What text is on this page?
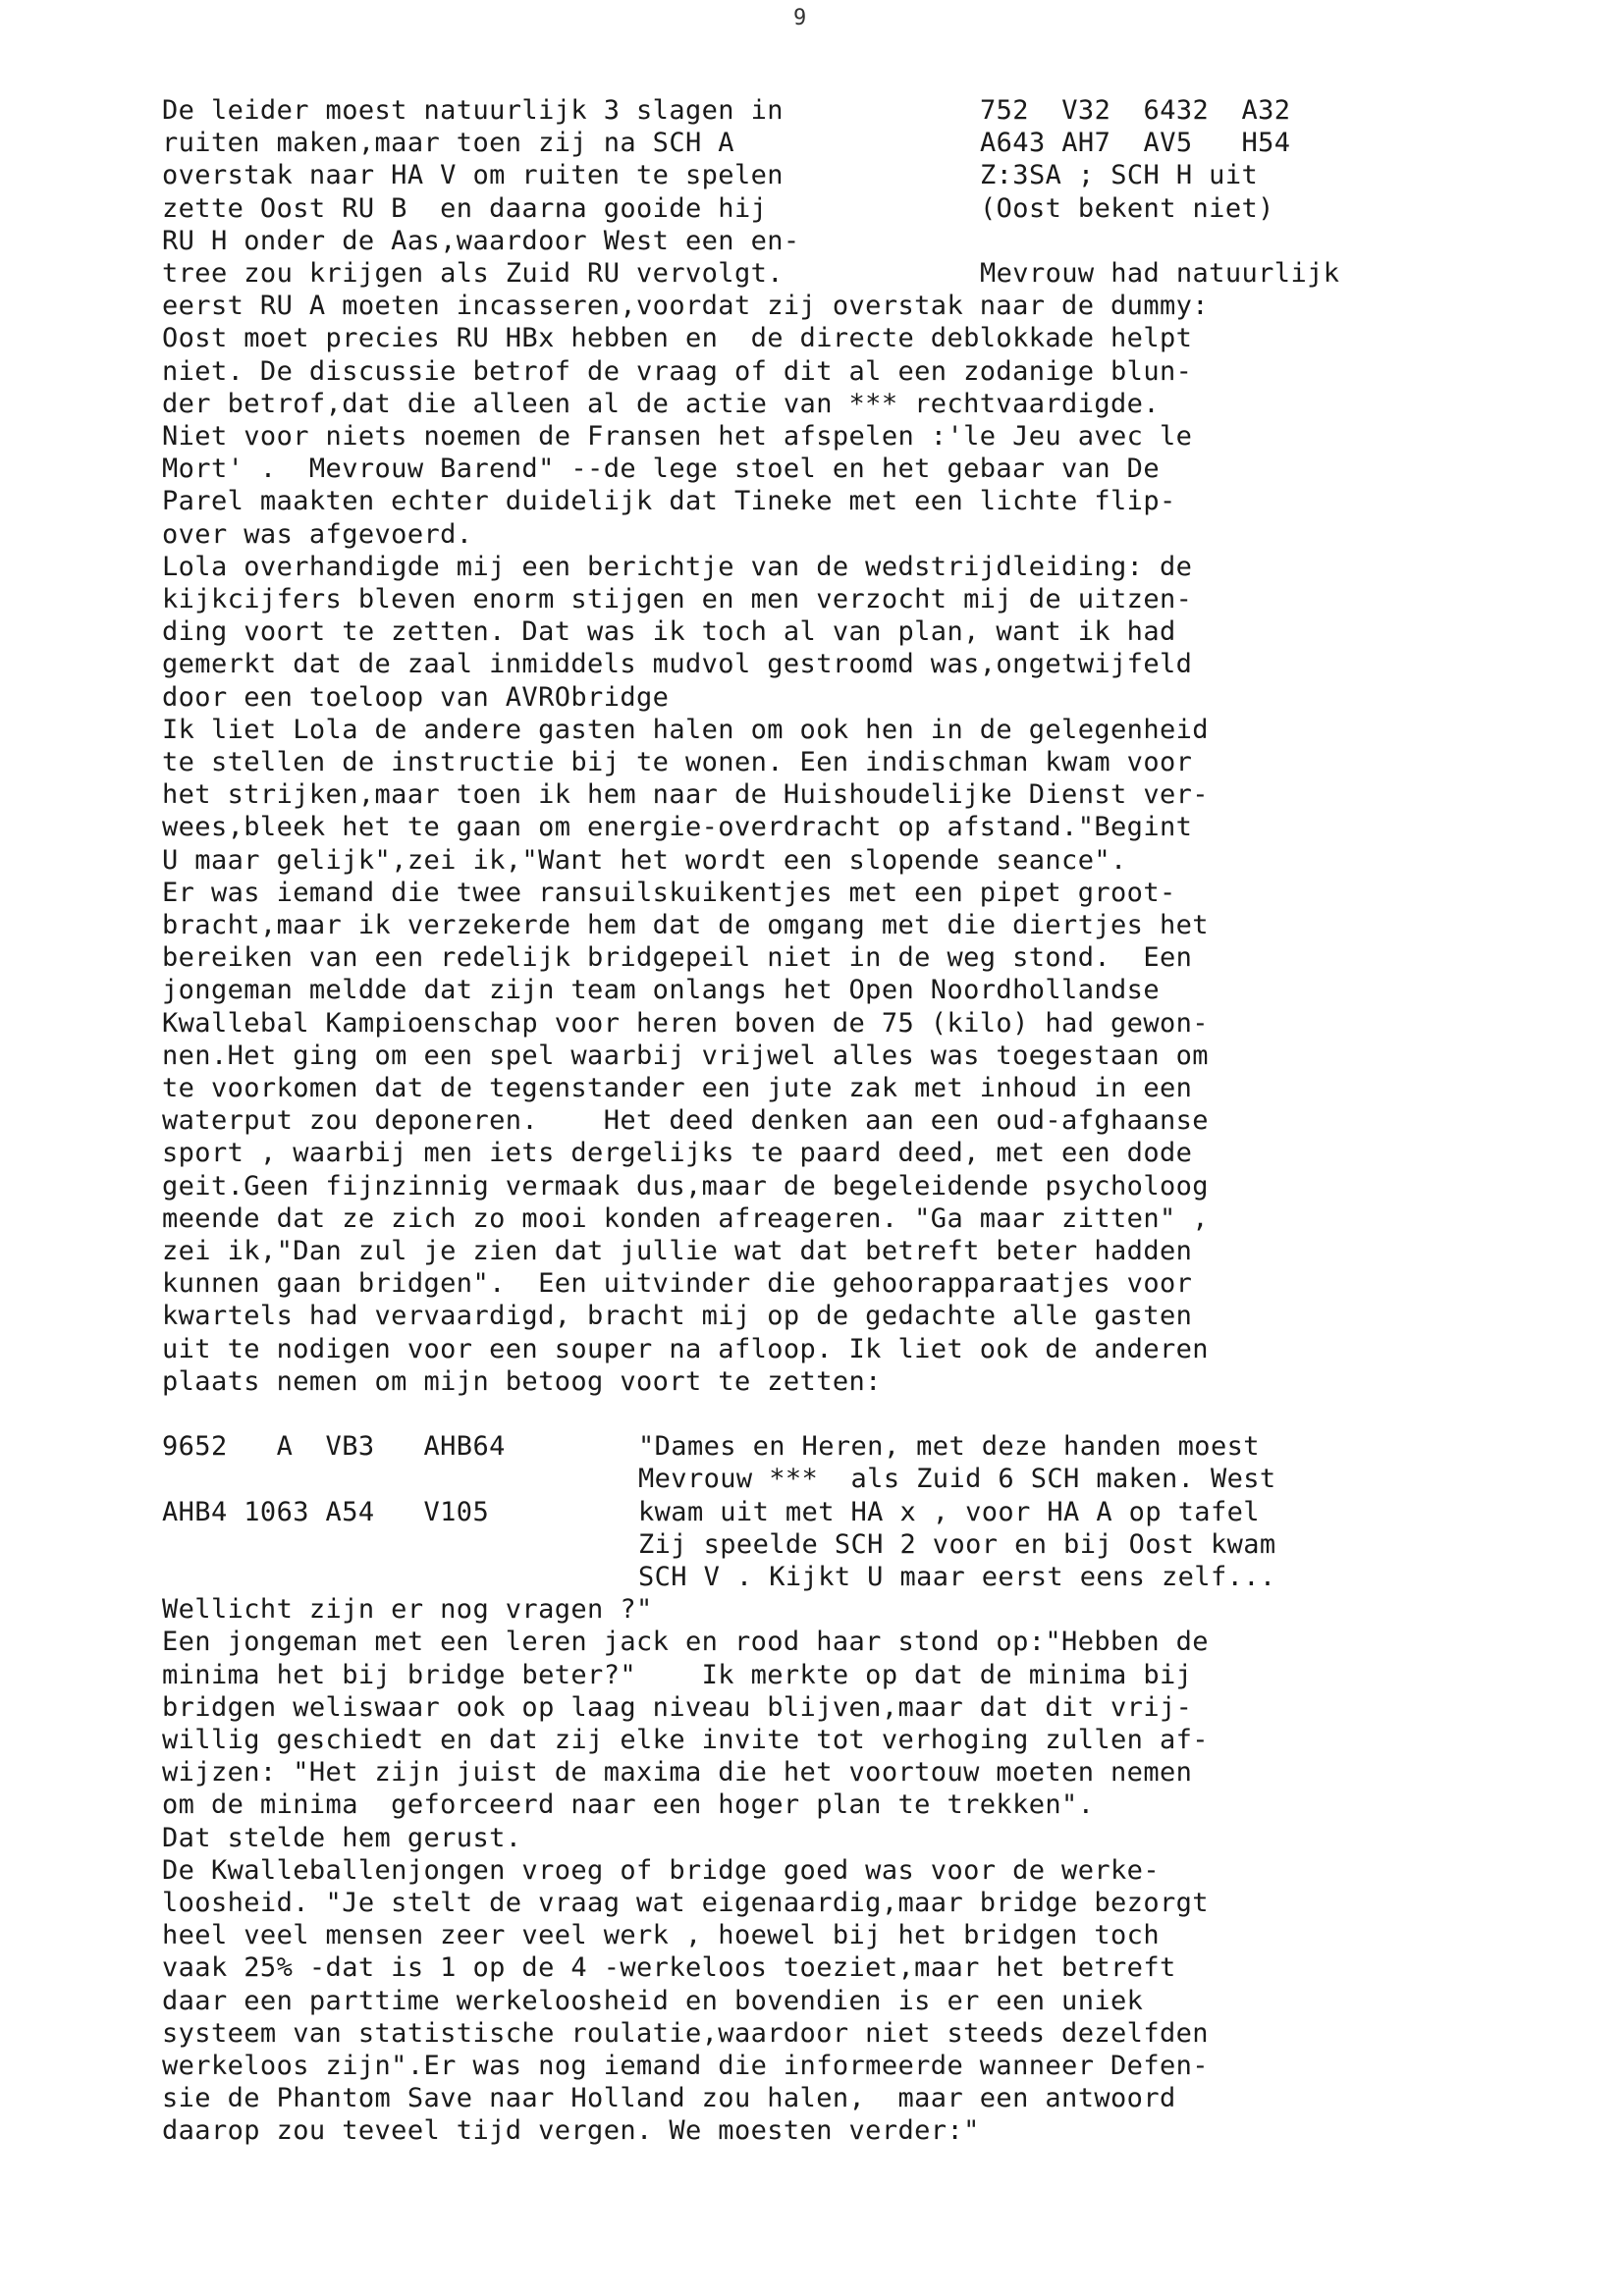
9
De leider moest natuurlijk 3 slagen in
ruiten maken,maar toen zij na SCH A
overstak naar HA V om ruiten te spelen
zette Oost RU B  en daarna gooide hij
RU H onder de Aas,waardoor West een en-
tree zou krijgen als Zuid RU vervolgt.
752  V32  6432  A32
A643 AH7  AV5   H54
Z:3SA ; SCH H uit
(Oost bekent niet)
Mevrouw had natuurlijk
eerst RU A moeten incasseren,voordat zij overstak naar de dummy:
Oost moet precies RU HBx hebben en  de directe deblokkade helpt
niet. De discussie betrof de vraag of dit al een zodanige blun-
der betrof,dat die alleen al de actie van *** rechtvaardigde.
Niet voor niets noemen de Fransen het afspelen :'le Jeu avec le
Mort' .  Mevrouw Barend" --de lege stoel en het gebaar van De
Parel maakten echter duidelijk dat Tineke met een lichte flip-
over was afgevoerd.
Lola overhandigde mij een berichtje van de wedstrijdleiding: de
kijkcijfers bleven enorm stijgen en men verzocht mij de uitzen-
ding voort te zetten. Dat was ik toch al van plan, want ik had
gemerkt dat de zaal inmiddels mudvol gestroomd was,ongetwijfeld
door een toeloop van AVRObridge
Ik liet Lola de andere gasten halen om ook hen in de gelegenheid
te stellen de instructie bij te wonen. Een indischman kwam voor
het strijken,maar toen ik hem naar de Huishoudelijke Dienst ver-
wees,bleek het te gaan om energie-overdracht op afstand."Begint
U maar gelijk",zei ik,"Want het wordt een slopende seance".
Er was iemand die twee ransuilskuikentjes met een pipet groot-
bracht,maar ik verzekerde hem dat de omgang met die diertjes het
bereiken van een redelijk bridgepeil niet in de weg stond.  Een
jongeman meldde dat zijn team onlangs het Open Noordhollandse
Kwallebal Kampioenschap voor heren boven de 75 (kilo) had gewon-
nen.Het ging om een spel waarbij vrijwel alles was toegestaan om
te voorkomen dat de tegenstander een jute zak met inhoud in een
waterput zou deponeren.    Het deed denken aan een oud-afghaanse
sport , waarbij men iets dergelijks te paard deed, met een dode
geit.Geen fijnzinnig vermaak dus,maar de begeleidende psycholoog
meende dat ze zich zo mooi konden afreageren. "Ga maar zitten" ,
zei ik,"Dan zul je zien dat jullie wat dat betreft beter hadden
kunnen gaan bridgen".  Een uitvinder die gehoorapparaatjes voor
kwartels had vervaardigd, bracht mij op de gedachte alle gasten
uit te nodigen voor een souper na afloop. Ik liet ook de anderen
plaats nemen om mijn betoog voort te zetten:
9652   A  VB3   AHB64
AHB4 1063 A54   V105
"Dames en Heren, met deze handen moest
Mevrouw ***  als Zuid 6 SCH maken. West
kwam uit met HA x , voor HA A op tafel
Zij speelde SCH 2 voor en bij Oost kwam
SCH V . Kijkt U maar eerst eens zelf...
Wellicht zijn er nog vragen ?"
Een jongeman met een leren jack en rood haar stond op:"Hebben de
minima het bij bridge beter?"    Ik merkte op dat de minima bij
bridgen weliswaar ook op laag niveau blijven,maar dat dit vrij-
willig geschiedt en dat zij elke invite tot verhoging zullen af-
wijzen: "Het zijn juist de maxima die het voortouw moeten nemen
om de minima  geforceerd naar een hoger plan te trekken".
Dat stelde hem gerust.
De Kwalleballenjongen vroeg of bridge goed was voor de werke-
loosheid. "Je stelt de vraag wat eigenaardig,maar bridge bezorgt
heel veel mensen zeer veel werk , hoewel bij het bridgen toch
vaak 25% -dat is 1 op de 4 -werkeloos toeziet,maar het betreft
daar een parttime werkeloosheid en bovendien is er een uniek
systeem van statistische roulatie,waardoor niet steeds dezelfden
werkeloos zijn".Er was nog iemand die informeerde wanneer Defen-
sie de Phantom Save naar Holland zou halen,  maar een antwoord
daarop zou teveel tijd vergen. We moesten verder:"
